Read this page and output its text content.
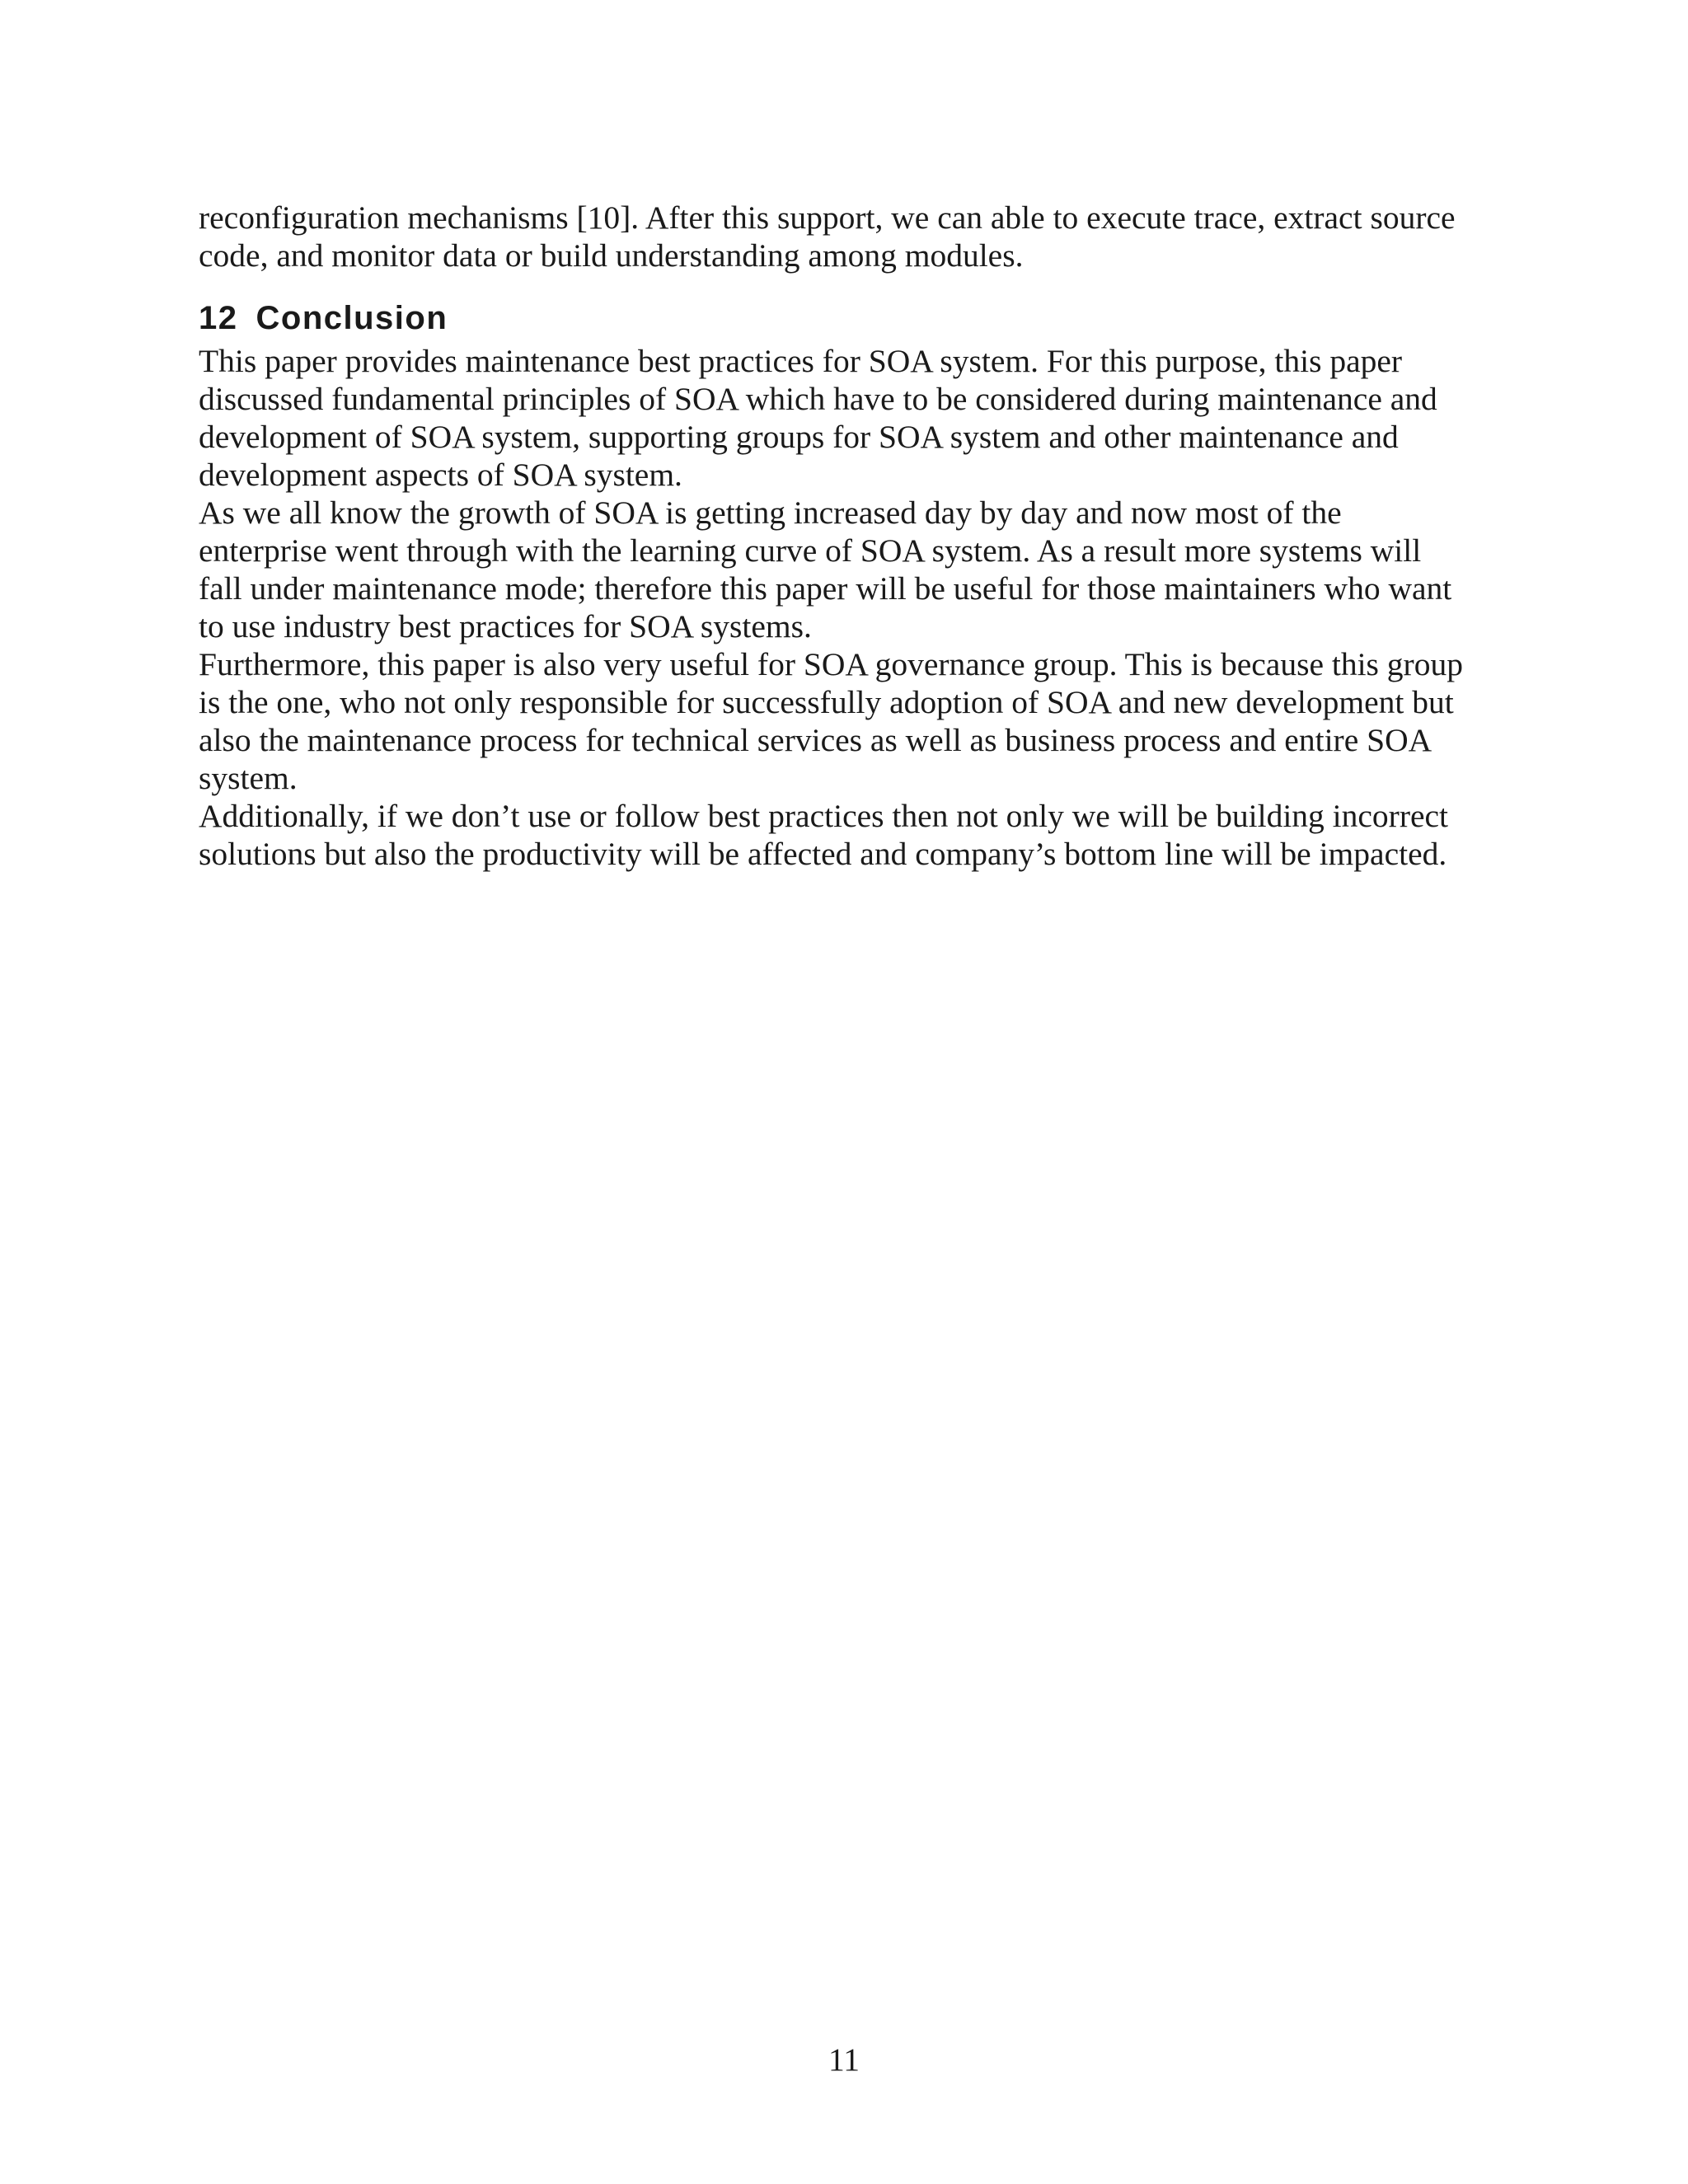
reconfiguration mechanisms [10]. After this support, we can able to execute trace, extract source
code, and monitor data or build understanding among modules.

12 Conclusion

This paper provides maintenance best practices for SOA system. For this purpose, this paper
discussed fundamental principles of SOA which have to be considered during maintenance and
development of SOA system, supporting groups for SOA system and other maintenance and
development aspects of SOA system.

As we all know the growth of SOA is getting increased day by day and now most of the
enterprise went through with the learning curve of SOA system. As a result more systems will
fall under maintenance mode; therefore this paper will be useful for those maintainers who want
to use industry best practices for SOA systems.

Furthermore, this paper is also very useful for SOA governance group. This is because this group
is the one, who not only responsible for successfully adoption of SOA and new development but
also the maintenance process for technical services as well as business process and entire SOA
system.

Additionally, if we don’t use or follow best practices then not only we will be building incorrect
solutions but also the productivity will be affected and company’s bottom line will be impacted.

11
